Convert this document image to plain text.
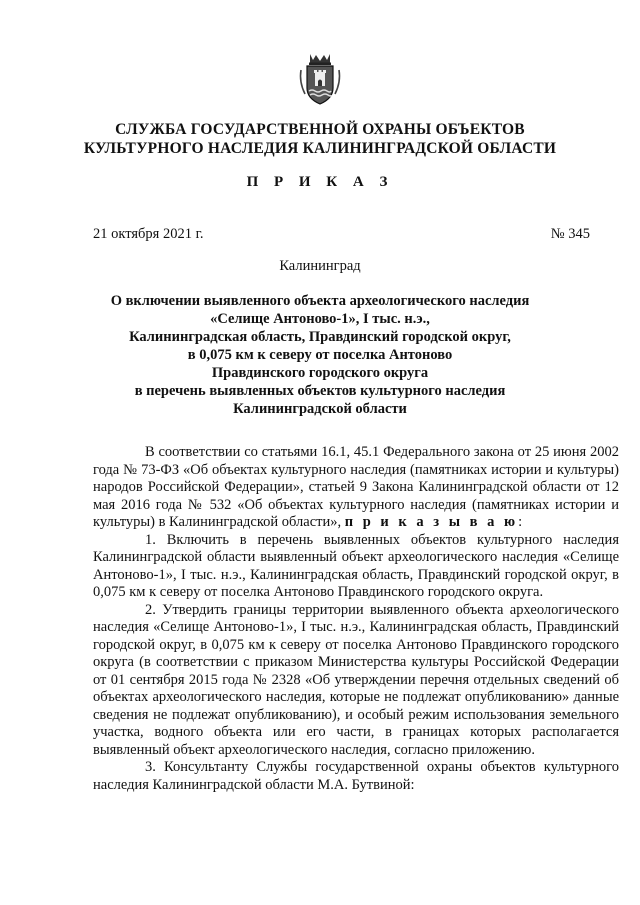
СЛУЖБА ГОСУДАРСТВЕННОЙ ОХРАНЫ ОБЪЕКТОВ
КУЛЬТУРНОГО НАСЛЕДИЯ КАЛИНИНГРАДСКОЙ ОБЛАСТИ
П Р И К А З
21 октября 2021 г.	№ 345
Калининград
О включении выявленного объекта археологического наследия
«Селище Антоново-1», I тыс. н.э.,
Калининградская область, Правдинский городской округ,
в 0,075 км к северу от поселка Антоново
Правдинского городского округа
в перечень выявленных объектов культурного наследия
Калининградской области

В соответствии со статьями 16.1, 45.1 Федерального закона от 25 июня 2002 года № 73-ФЗ «Об объектах культурного наследия (памятниках истории и культуры) народов Российской Федерации», статьей 9 Закона Калининградской области от 12 мая 2016 года № 532 «Об объектах культурного наследия (памятниках истории и культуры) в Калининградской области», п р и к а з ы в а ю:

1. Включить в перечень выявленных объектов культурного наследия Калининградской области выявленный объект археологического наследия «Селище Антоново-1», I тыс. н.э., Калининградская область, Правдинский городской округ, в 0,075 км к северу от поселка Антоново Правдинского городского округа.

2. Утвердить границы территории выявленного объекта археологического наследия «Селище Антоново-1», I тыс. н.э., Калининградская область, Правдинский городской округ, в 0,075 км к северу от поселка Антоново Правдинского городского округа (в соответствии с приказом Министерства культуры Российской Федерации от 01 сентября 2015 года № 2328 «Об утверждении перечня отдельных сведений об объектах археологического наследия, которые не подлежат опубликованию» данные сведения не подлежат опубликованию), и особый режим использования земельного участка, водного объекта или его части, в границах которых располагается выявленный объект археологического наследия, согласно приложению.

3. Консультанту Службы государственной охраны объектов культурного наследия Калининградской области М.А. Бутвиной:
